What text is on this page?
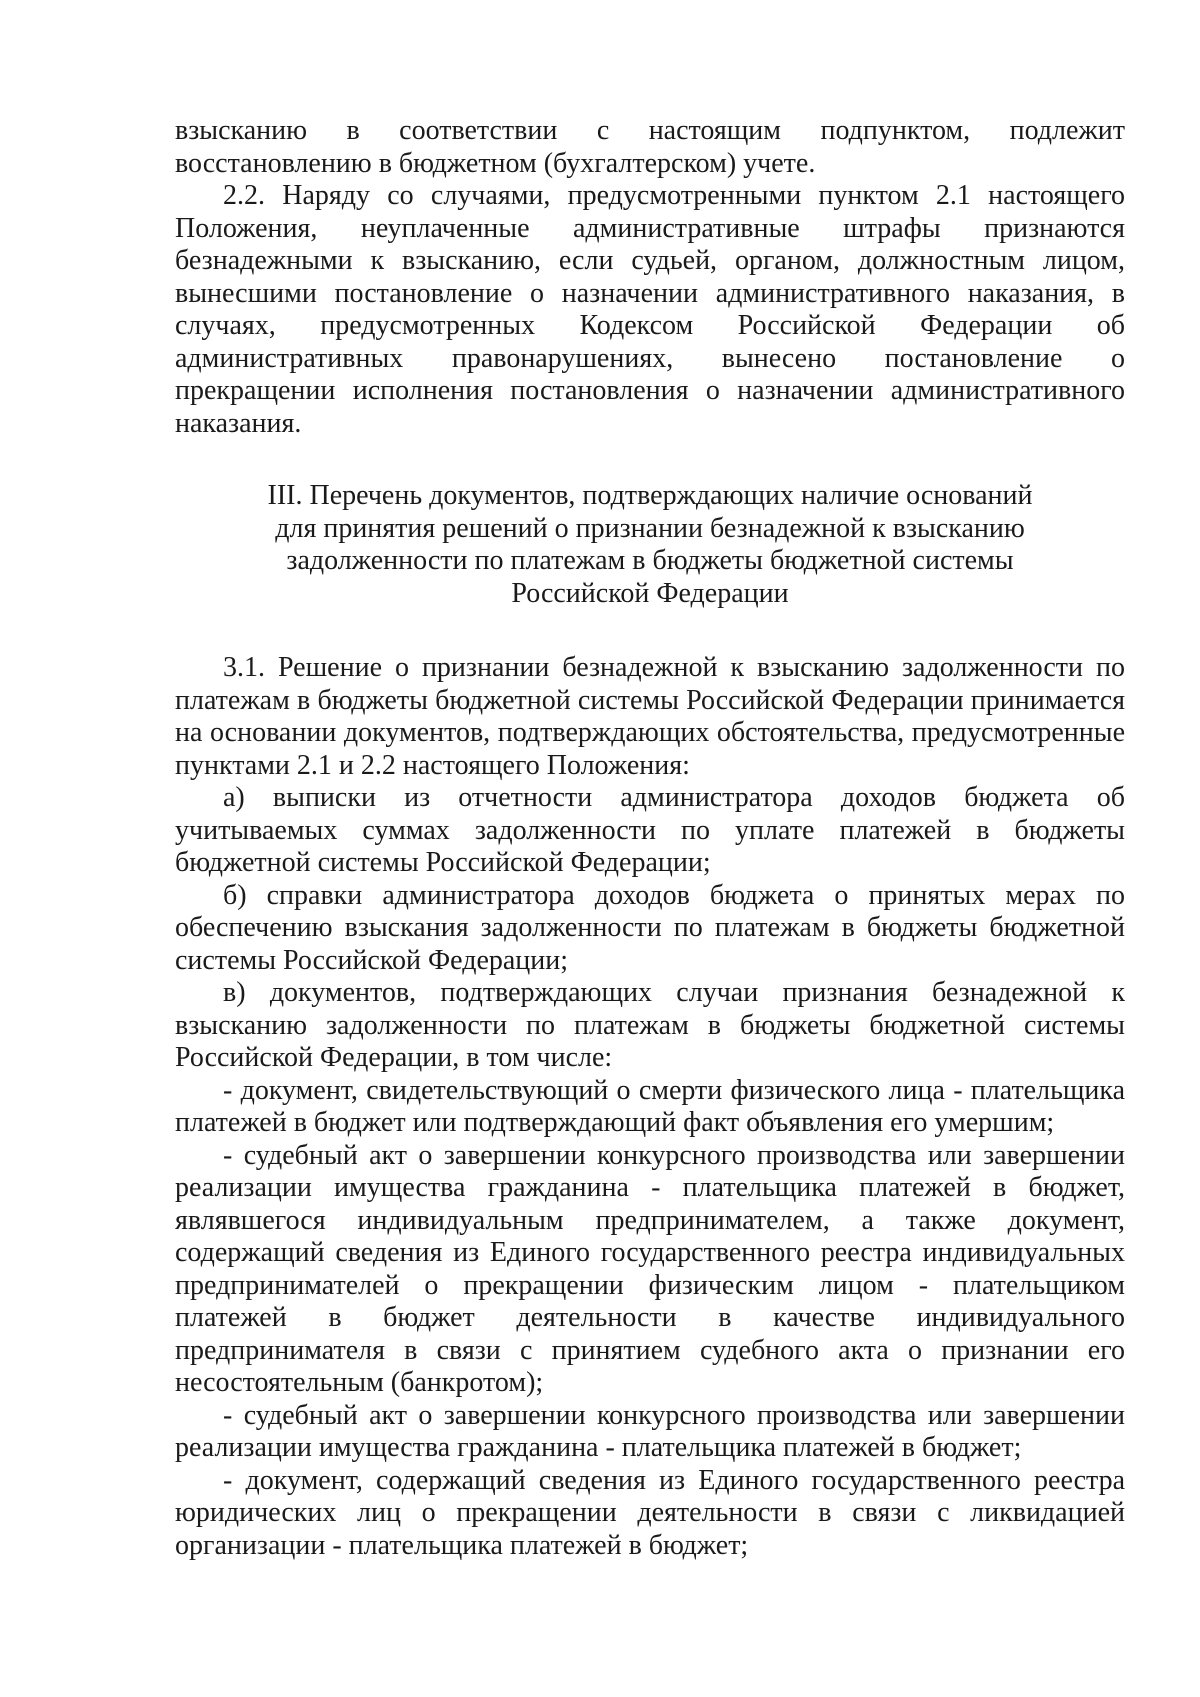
взысканию в соответствии с настоящим подпунктом, подлежит восстановлению в бюджетном (бухгалтерском) учете.

2.2. Наряду со случаями, предусмотренными пунктом 2.1 настоящего Положения, неуплаченные административные штрафы признаются безнадежными к взысканию, если судьей, органом, должностным лицом, вынесшими постановление о назначении административного наказания, в случаях, предусмотренных Кодексом Российской Федерации об административных правонарушениях, вынесено постановление о прекращении исполнения постановления о назначении административного наказания.

III. Перечень документов, подтверждающих наличие оснований
для принятия решений о признании безнадежной к взысканию
задолженности по платежам в бюджеты бюджетной системы
Российской Федерации

3.1. Решение о признании безнадежной к взысканию задолженности по платежам в бюджеты бюджетной системы Российской Федерации принимается на основании документов, подтверждающих обстоятельства, предусмотренные пунктами 2.1 и 2.2 настоящего Положения:

а) выписки из отчетности администратора доходов бюджета об учитываемых суммах задолженности по уплате платежей в бюджеты бюджетной системы Российской Федерации;

б) справки администратора доходов бюджета о принятых мерах по обеспечению взыскания задолженности по платежам в бюджеты бюджетной системы Российской Федерации;

в) документов, подтверждающих случаи признания безнадежной к взысканию задолженности по платежам в бюджеты бюджетной системы Российской Федерации, в том числе:

- документ, свидетельствующий о смерти физического лица - плательщика платежей в бюджет или подтверждающий факт объявления его умершим;

- судебный акт о завершении конкурсного производства или завершении реализации имущества гражданина - плательщика платежей в бюджет, являвшегося индивидуальным предпринимателем, а также документ, содержащий сведения из Единого государственного реестра индивидуальных предпринимателей о прекращении физическим лицом - плательщиком платежей в бюджет деятельности в качестве индивидуального предпринимателя в связи с принятием судебного акта о признании его несостоятельным (банкротом);

- судебный акт о завершении конкурсного производства или завершении реализации имущества гражданина - плательщика платежей в бюджет;

- документ, содержащий сведения из Единого государственного реестра юридических лиц о прекращении деятельности в связи с ликвидацией организации - плательщика платежей в бюджет;
